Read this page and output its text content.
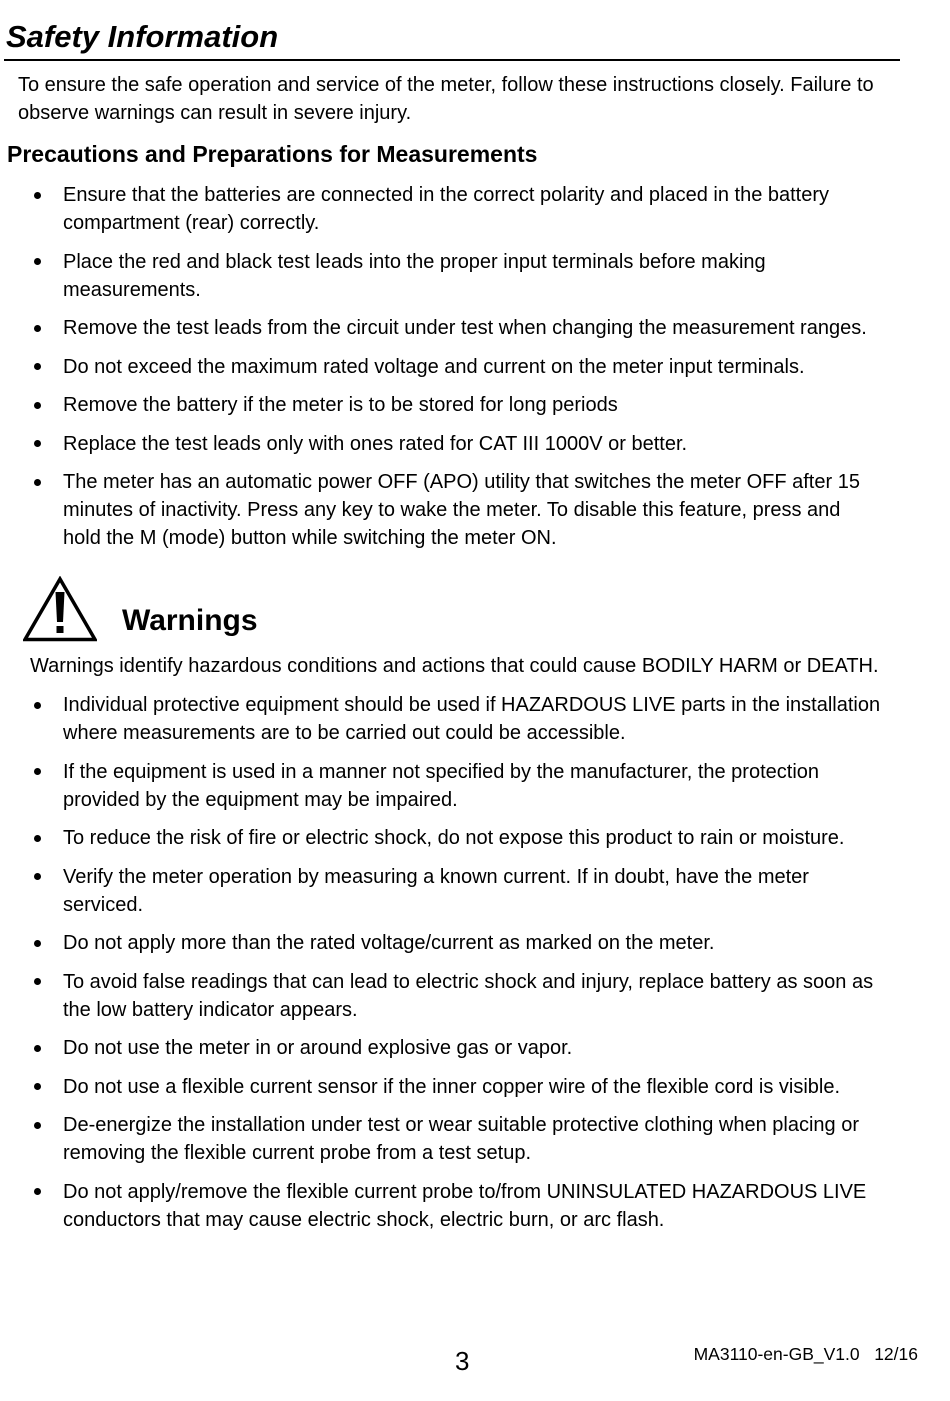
Safety Information
To ensure the safe operation and service of the meter, follow these instructions closely. Failure to
observe warnings can result in severe injury.
Precautions and Preparations for Measurements
Ensure that the batteries are connected in the correct polarity and placed in the battery
compartment (rear) correctly.
Place the red and black test leads into the proper input terminals before making
measurements.
Remove the test leads from the circuit under test when changing the measurement ranges.
Do not exceed the maximum rated voltage and current on the meter input terminals.
Remove the battery if the meter is to be stored for long periods
Replace the test leads only with ones rated for CAT III 1000V or better.
The meter has an automatic power OFF (APO) utility that switches the meter OFF after 15
minutes of inactivity. Press any key to wake the meter. To disable this feature, press and
hold the M (mode) button while switching the meter ON.
Warnings
Warnings identify hazardous conditions and actions that could cause BODILY HARM or DEATH.
Individual protective equipment should be used if HAZARDOUS LIVE parts in the installation
where measurements are to be carried out could be accessible.
If the equipment is used in a manner not specified by the manufacturer, the protection
provided by the equipment may be impaired.
To reduce the risk of fire or electric shock, do not expose this product to rain or moisture.
Verify the meter operation by measuring a known current. If in doubt, have the meter
serviced.
Do not apply more than the rated voltage/current as marked on the meter.
To avoid false readings that can lead to electric shock and injury, replace battery as soon as
the low battery indicator appears.
Do not use the meter in or around explosive gas or vapor.
Do not use a flexible current sensor if the inner copper wire of the flexible cord is visible.
De-energize the installation under test or wear suitable protective clothing when placing or
removing the flexible current probe from a test setup.
Do not apply/remove the flexible current probe to/from UNINSULATED HAZARDOUS LIVE
conductors that may cause electric shock, electric burn, or arc flash.
3	MA3110-en-GB_V1.0   12/16
